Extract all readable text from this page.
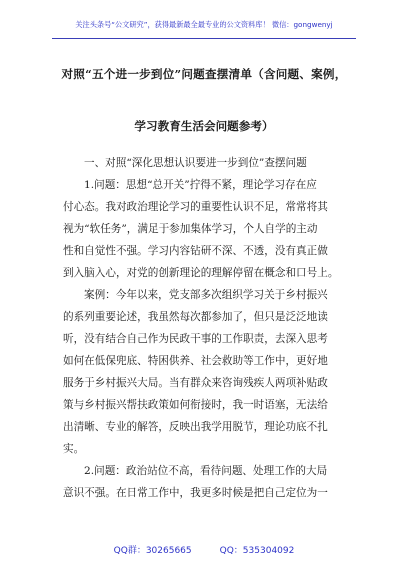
关注头条号“公文研究”，获得最新最全最专业的公文资料库！ 微信：gongwenyj
对照“五个进一步到位”问题查摆清单（含问题、案例，
学习教育生活会问题参考）
一、对照“深化思想认识要进一步到位”查摆问题
1.问题：思想“总开关”拧得不紧，理论学习存在应
付心态。我对政治理论学习的重要性认识不足，常常将其
视为“软任务”，满足于参加集体学习，个人自学的主动
性和自觉性不强。学习内容钻研不深、不透，没有真正做
到入脑入心，对党的创新理论的理解停留在概念和口号上。
案例：今年以来，党支部多次组织学习关于乡村振兴
的系列重要论述，我虽然每次都参加了，但只是泛泛地读
听，没有结合自己作为民政干事的工作职责，去深入思考
如何在低保兜底、特困供养、社会救助等工作中，更好地
服务于乡村振兴大局。当有群众来咨询残疾人两项补贴政
策与乡村振兴帮扶政策如何衔接时，我一时语塞，无法给
出清晰、专业的解答，反映出我学用脱节，理论功底不扎
实。
2.问题：政治站位不高，看待问题、处理工作的大局
意识不强。在日常工作中，我更多时候是把自己定位为一
QQ群：30265665	QQ：535304092
